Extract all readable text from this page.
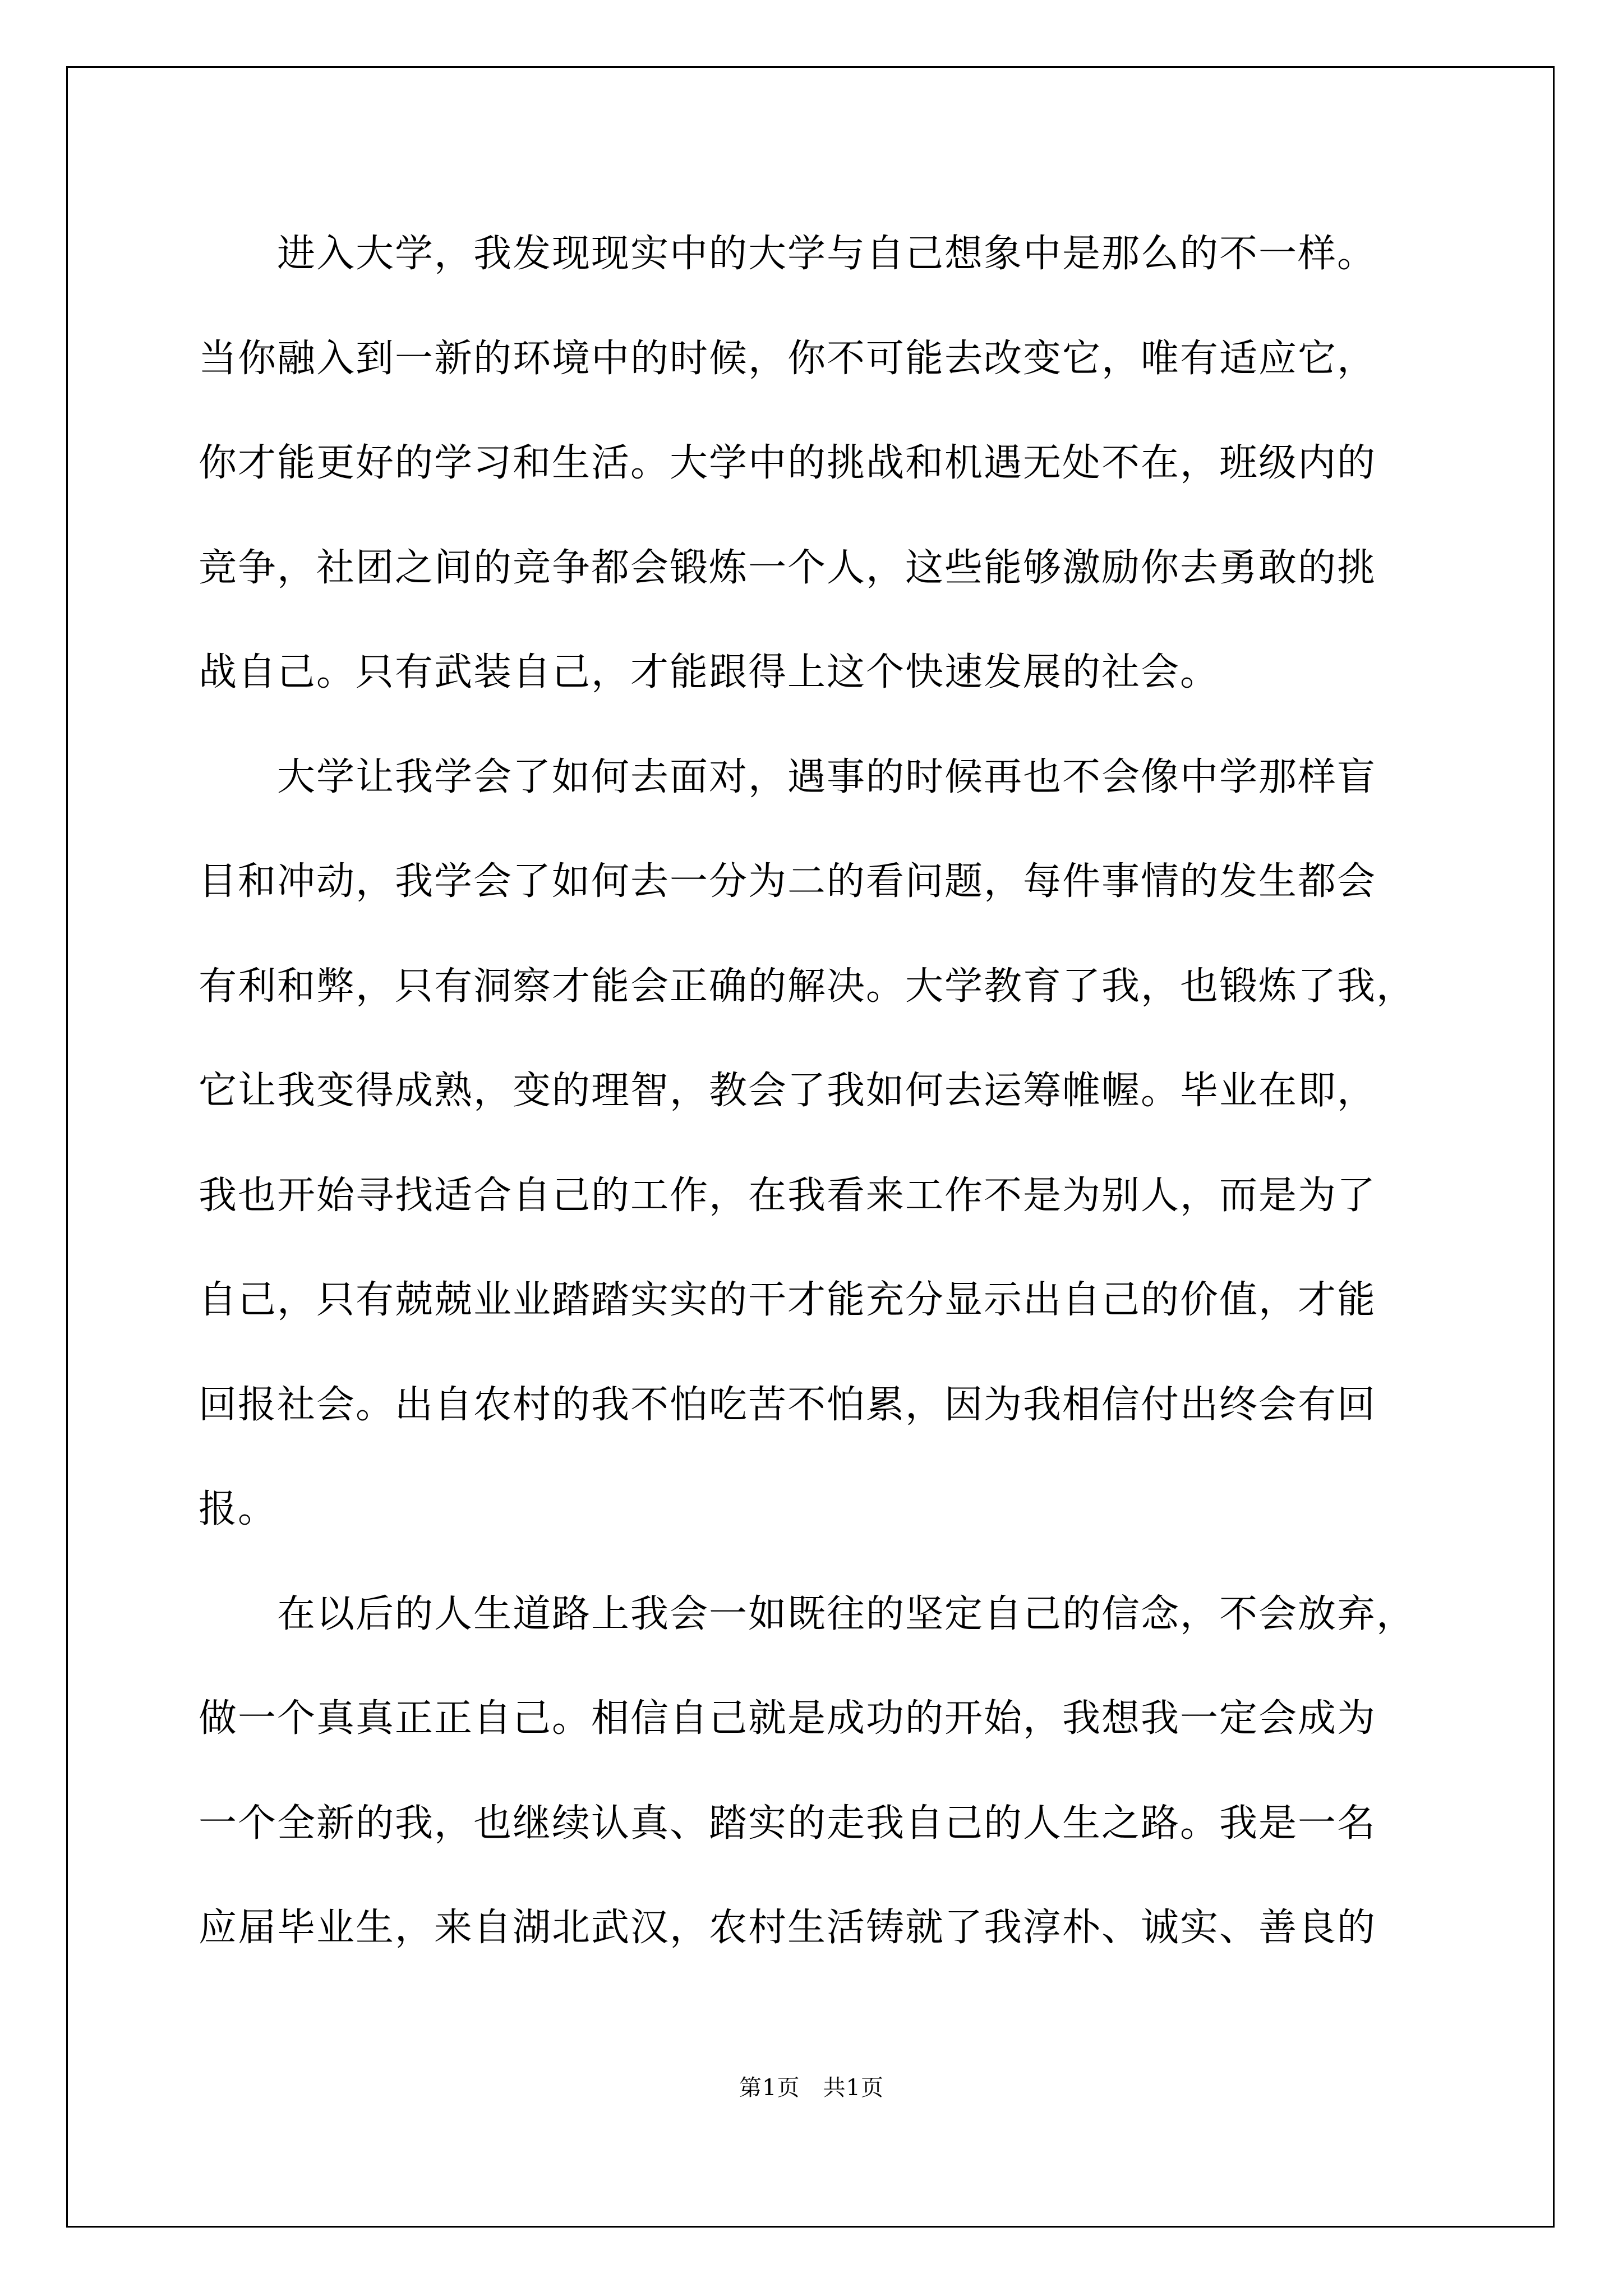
　　进入大学，我发现现实中的大学与自己想象中是那么的不一样。
当你融入到一新的环境中的时候，你不可能去改变它，唯有适应它，
你才能更好的学习和生活。大学中的挑战和机遇无处不在，班级内的
竞争，社团之间的竞争都会锻炼一个人，这些能够激励你去勇敢的挑
战自己。只有武装自己，才能跟得上这个快速发展的社会。
　　大学让我学会了如何去面对，遇事的时候再也不会像中学那样盲
目和冲动，我学会了如何去一分为二的看问题，每件事情的发生都会
有利和弊，只有洞察才能会正确的解决。大学教育了我，也锻炼了我，
它让我变得成熟，变的理智，教会了我如何去运筹帷幄。毕业在即，
我也开始寻找适合自己的工作，在我看来工作不是为别人，而是为了
自己，只有兢兢业业踏踏实实的干才能充分显示出自己的价值，才能
回报社会。出自农村的我不怕吃苦不怕累，因为我相信付出终会有回
报。
　　在以后的人生道路上我会一如既往的坚定自己的信念，不会放弃，
做一个真真正正自己。相信自己就是成功的开始，我想我一定会成为
一个全新的我，也继续认真、踏实的走我自己的人生之路。我是一名
应届毕业生，来自湖北武汉，农村生活铸就了我淳朴、诚实、善良的
第1页　共1页
